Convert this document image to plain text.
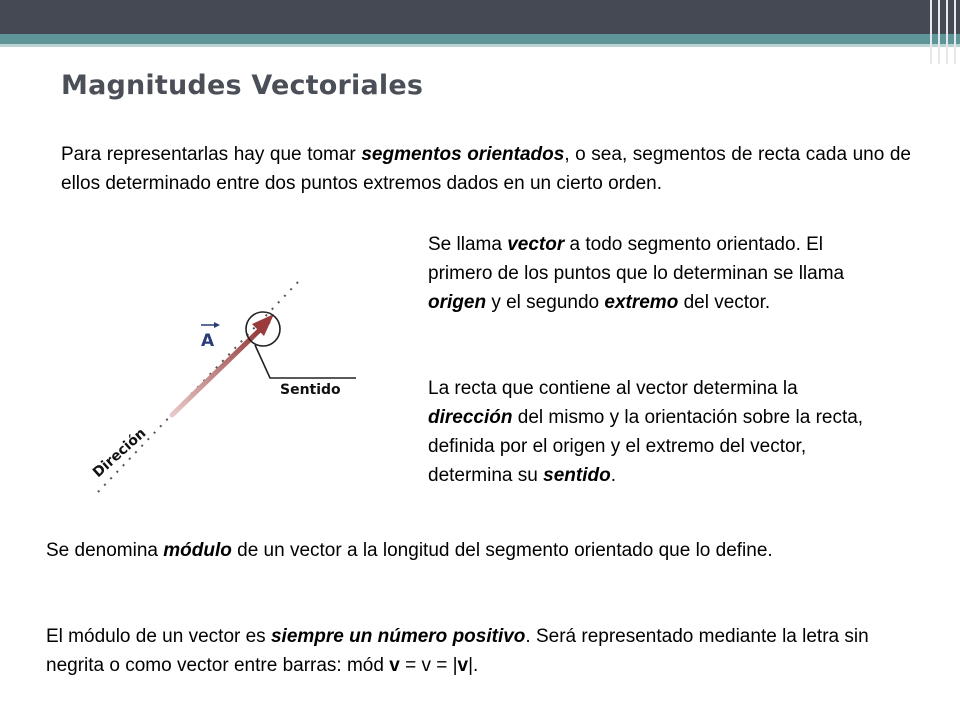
Magnitudes Vectoriales

Para representarlas hay que tomar segmentos orientados, o sea, segmentos de recta cada uno de ellos determinado entre dos puntos extremos dados en un cierto orden.

A
Sentido
Direción

Se llama vector a todo segmento orientado. El primero de los puntos que lo determinan se llama origen y el segundo extremo del vector.

La recta que contiene al vector determina la dirección del mismo y la orientación sobre la recta, definida por el origen y el extremo del vector, determina su sentido.

Se denomina módulo de un vector a la longitud del segmento orientado que lo define.

El módulo de un vector es siempre un número positivo. Será representado mediante la letra sin negrita o como vector entre barras: mód v = v = |v|.
